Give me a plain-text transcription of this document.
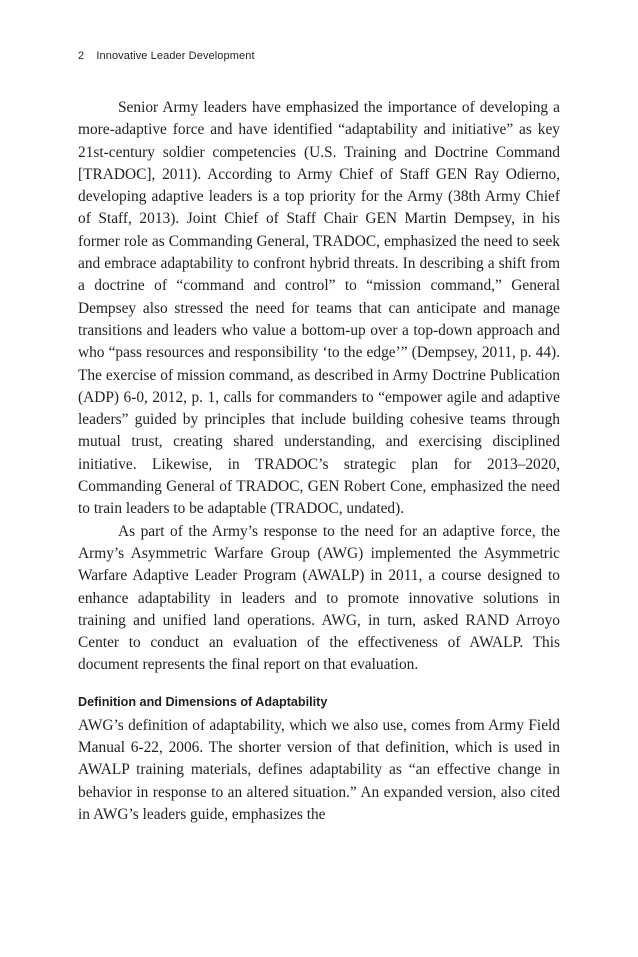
2 Innovative Leader Development

Senior Army leaders have emphasized the importance of developing a more-adaptive force and have identified “adaptability and initiative” as key 21st-century soldier competencies (U.S. Training and Doctrine Command [TRADOC], 2011). According to Army Chief of Staff GEN Ray Odierno, developing adaptive leaders is a top priority for the Army (38th Army Chief of Staff, 2013). Joint Chief of Staff Chair GEN Martin Dempsey, in his former role as Commanding General, TRADOC, emphasized the need to seek and embrace adaptability to confront hybrid threats. In describing a shift from a doctrine of “command and control” to “mission command,” General Dempsey also stressed the need for teams that can anticipate and manage transitions and leaders who value a bottom-up over a top-down approach and who “pass resources and responsibility ‘to the edge’” (Dempsey, 2011, p. 44). The exercise of mission command, as described in Army Doctrine Publication (ADP) 6-0, 2012, p. 1, calls for commanders to “empower agile and adaptive leaders” guided by principles that include building cohesive teams through mutual trust, creating shared understanding, and exercising disciplined initiative. Likewise, in TRADOC’s strategic plan for 2013–2020, Commanding General of TRADOC, GEN Robert Cone, emphasized the need to train leaders to be adaptable (TRADOC, undated).

As part of the Army’s response to the need for an adaptive force, the Army’s Asymmetric Warfare Group (AWG) implemented the Asymmetric Warfare Adaptive Leader Program (AWALP) in 2011, a course designed to enhance adaptability in leaders and to promote innovative solutions in training and unified land operations. AWG, in turn, asked RAND Arroyo Center to conduct an evaluation of the effectiveness of AWALP. This document represents the final report on that evaluation.

Definition and Dimensions of Adaptability

AWG’s definition of adaptability, which we also use, comes from Army Field Manual 6-22, 2006. The shorter version of that definition, which is used in AWALP training materials, defines adaptability as “an effective change in behavior in response to an altered situation.” An expanded version, also cited in AWG’s leaders guide, emphasizes the
